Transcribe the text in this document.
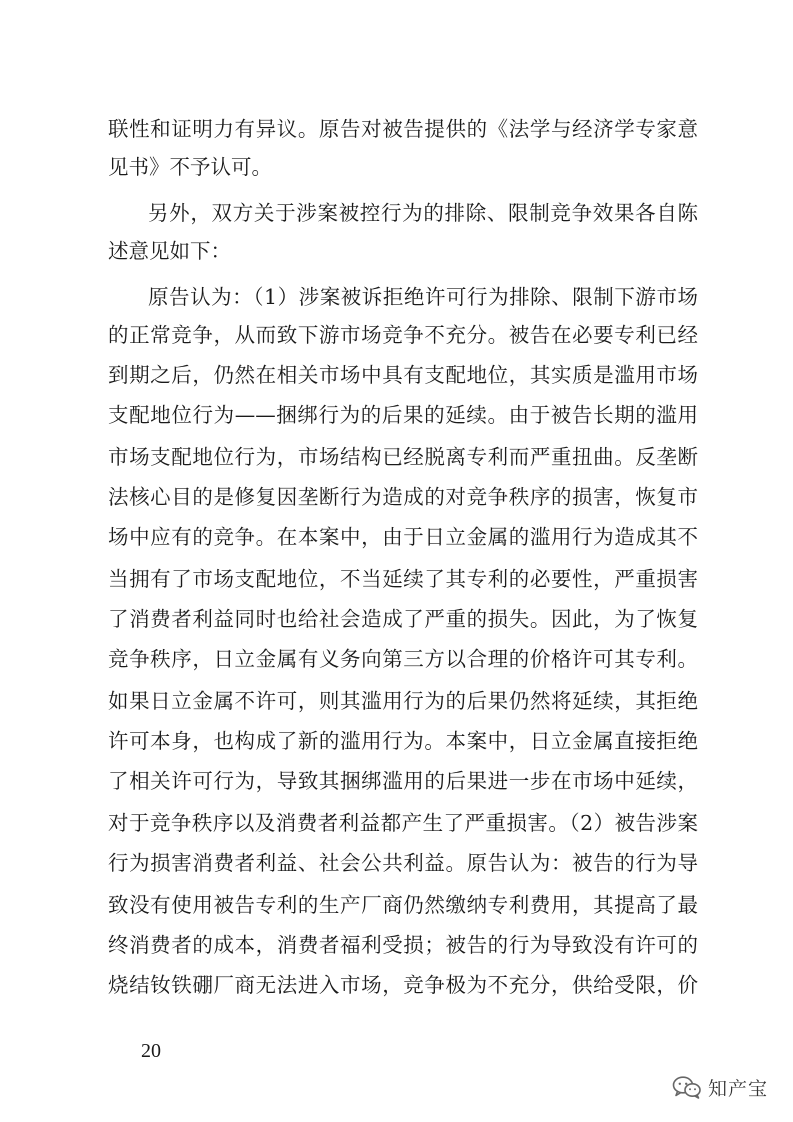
联性和证明力有异议。原告对被告提供的《法学与经济学专家意
见书》不予认可。
另外，双方关于涉案被控行为的排除、限制竞争效果各自陈
述意见如下：
原告认为：（1）涉案被诉拒绝许可行为排除、限制下游市场
的正常竞争，从而致下游市场竞争不充分。被告在必要专利已经
到期之后，仍然在相关市场中具有支配地位，其实质是滥用市场
支配地位行为——捆绑行为的后果的延续。由于被告长期的滥用
市场支配地位行为，市场结构已经脱离专利而严重扭曲。反垄断
法核心目的是修复因垄断行为造成的对竞争秩序的损害，恢复市
场中应有的竞争。在本案中，由于日立金属的滥用行为造成其不
当拥有了市场支配地位，不当延续了其专利的必要性，严重损害
了消费者利益同时也给社会造成了严重的损失。因此，为了恢复
竞争秩序，日立金属有义务向第三方以合理的价格许可其专利。
如果日立金属不许可，则其滥用行为的后果仍然将延续，其拒绝
许可本身，也构成了新的滥用行为。本案中，日立金属直接拒绝
了相关许可行为，导致其捆绑滥用的后果进一步在市场中延续，
对于竞争秩序以及消费者利益都产生了严重损害。（2）被告涉案
行为损害消费者利益、社会公共利益。原告认为：被告的行为导
致没有使用被告专利的生产厂商仍然缴纳专利费用，其提高了最
终消费者的成本，消费者福利受损；被告的行为导致没有许可的
烧结钕铁硼厂商无法进入市场，竞争极为不充分，供给受限，价
20
知产宝
